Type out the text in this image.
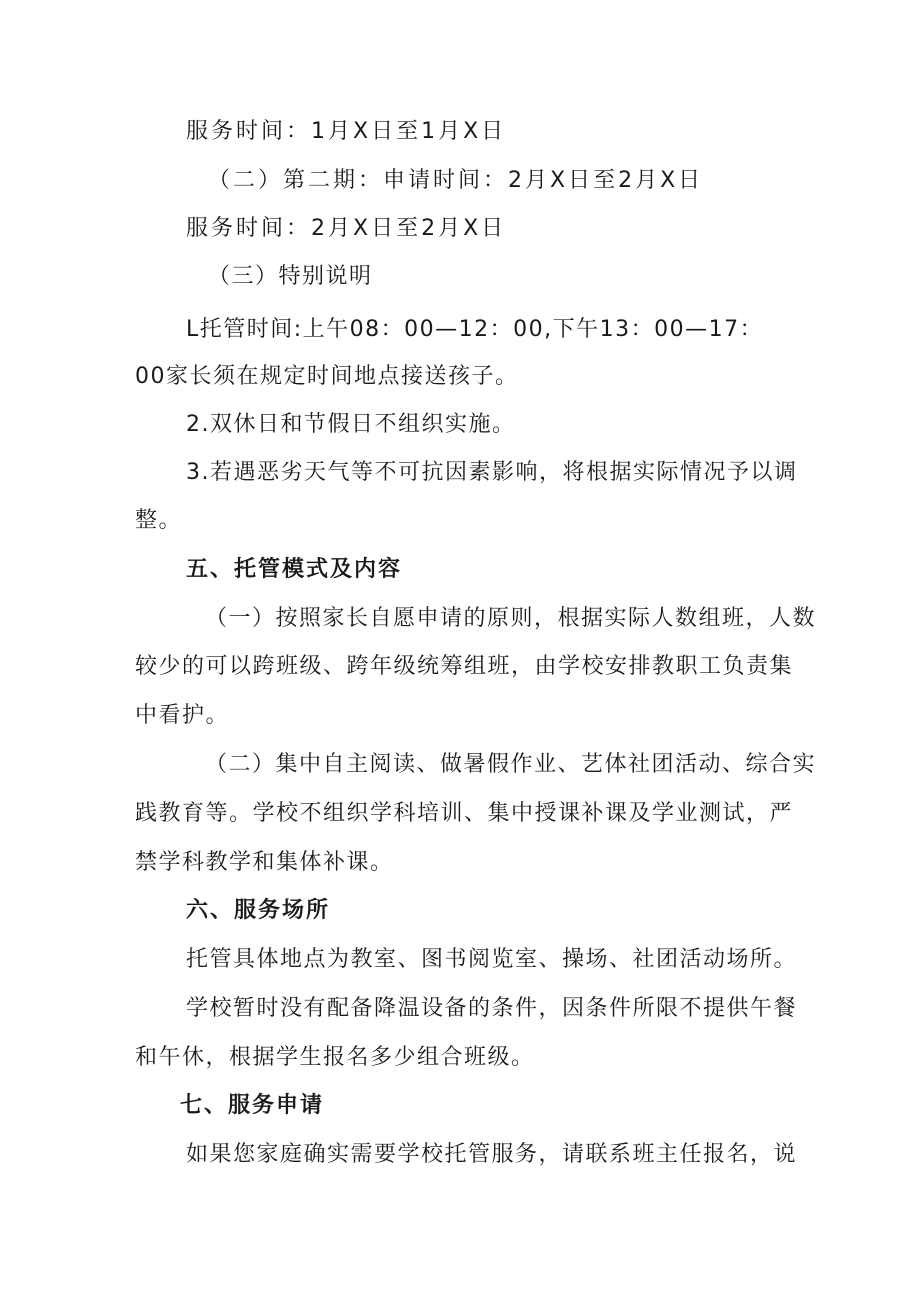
服务时间：1月X日至1月X日

（二）第二期：申请时间：2月X日至2月X日

服务时间：2月X日至2月X日

（三）特别说明

L托管时间:上午08：00—12：00,下午13：00—17：

00家长须在规定时间地点接送孩子。

2.双休日和节假日不组织实施。

3.若遇恶劣天气等不可抗因素影响，将根据实际情况予以调

整。

五、托管模式及内容

（一）按照家长自愿申请的原则，根据实际人数组班，人数

较少的可以跨班级、跨年级统筹组班，由学校安排教职工负责集

中看护。

（二）集中自主阅读、做暑假作业、艺体社团活动、综合实

践教育等。学校不组织学科培训、集中授课补课及学业测试，严

禁学科教学和集体补课。

六、服务场所

托管具体地点为教室、图书阅览室、操场、社团活动场所。

学校暂时没有配备降温设备的条件，因条件所限不提供午餐

和午休，根据学生报名多少组合班级。

七、服务申请

如果您家庭确实需要学校托管服务，请联系班主任报名，说
